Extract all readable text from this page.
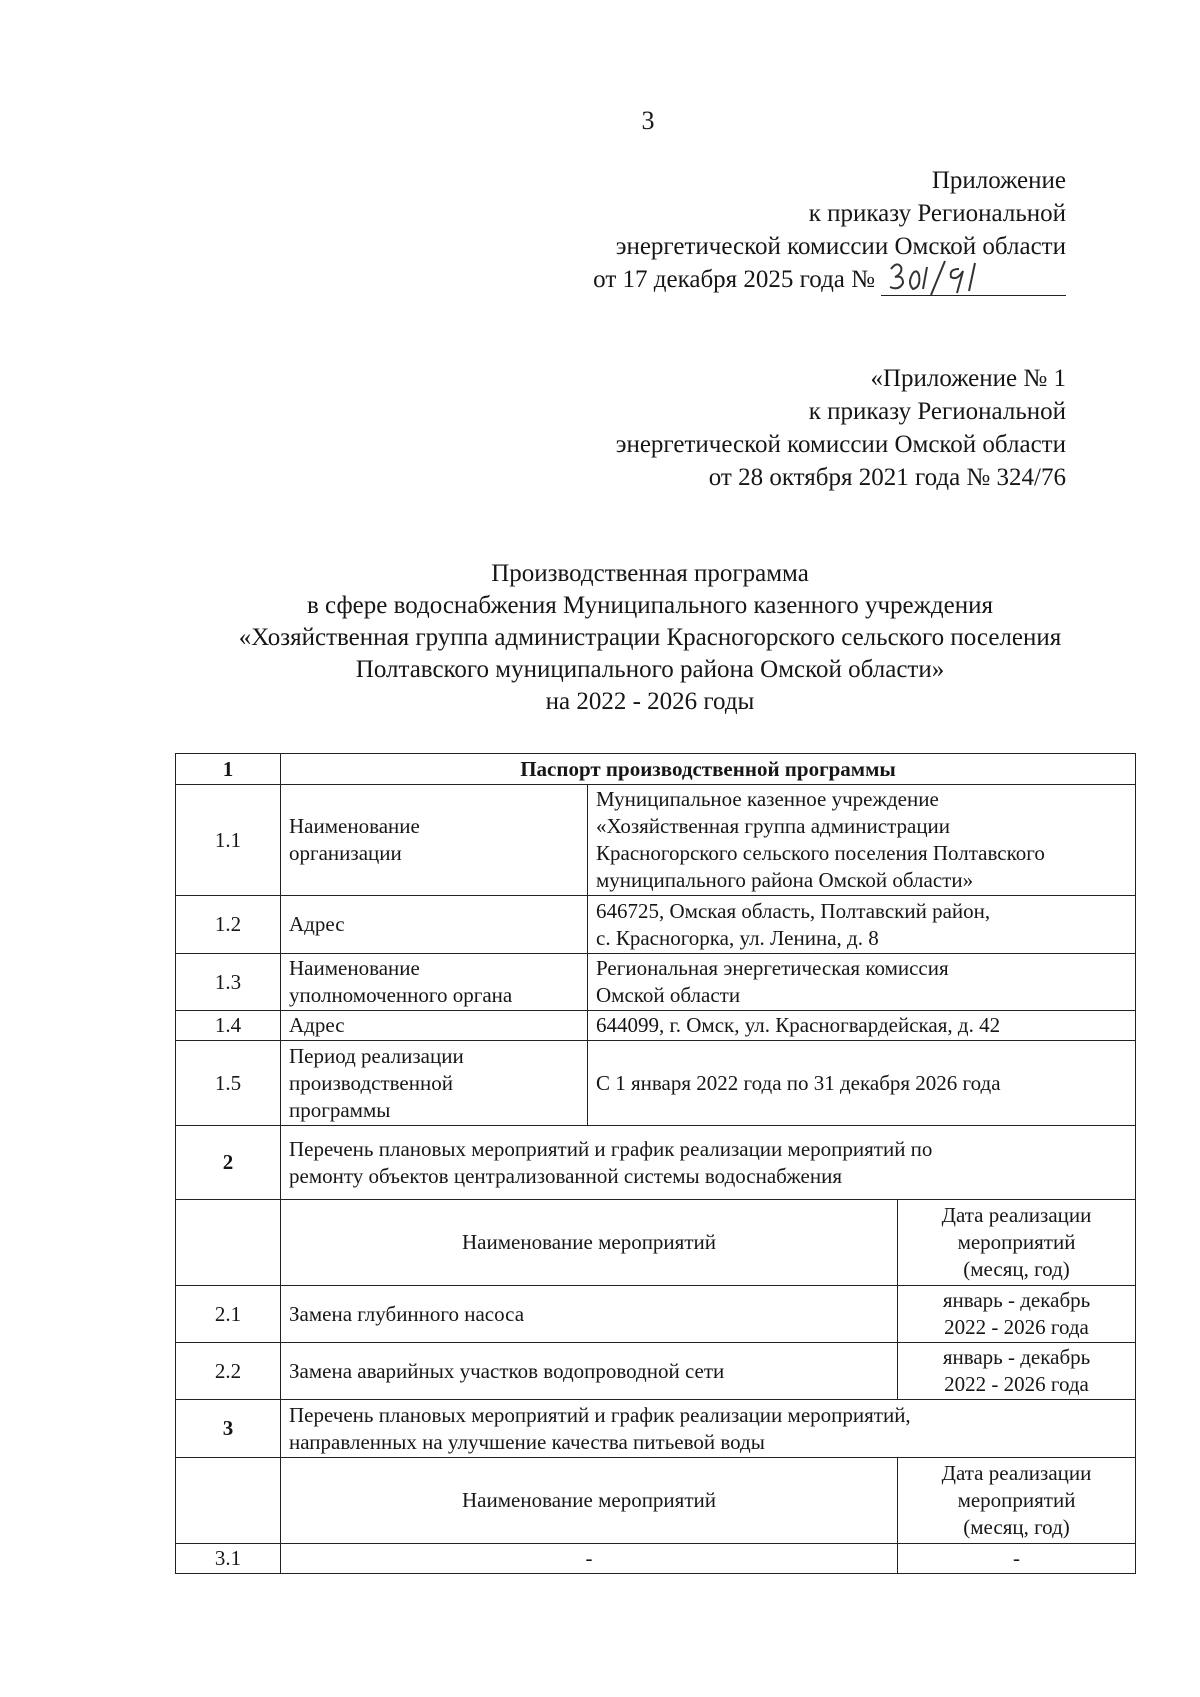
3
Приложение
к приказу Региональной
энергетической комиссии Омской области
от 17 декабря 2025 года №
«Приложение № 1
к приказу Региональной
энергетической комиссии Омской области
от 28 октября 2021 года № 324/76
Производственная программа
в сфере водоснабжения Муниципального казенного учреждения
«Хозяйственная группа администрации Красногорского сельского поселения
Полтавского муниципального района Омской области»
на 2022 - 2026 годы
1	Паспорт производственной программы		
1.1	Наименование
организации	Муниципальное казенное учреждение
«Хозяйственная группа администрации
Красногорского сельского поселения Полтавского
муниципального района Омской области»	

1.2	Адрес	646725, Омская область, Полтавский район,
с. Красногорка, ул. Ленина, д. 8	

1.3	Наименование
уполномоченного органа	Региональная энергетическая комиссия
Омской области	

1.4	Адрес	644099, г. Омск, ул. Красногвардейская, д. 42	
1.5	Период реализации
производственной
программы	С 1 января 2022 года по 31 декабря 2026 года	
2	Перечень плановых мероприятий и график реализации мероприятий по
ремонту объектов централизованной системы водоснабжения		

	Наименование мероприятий		Дата реализации
мероприятий
(месяц, год)

2.1	Замена глубинного насоса		январь - декабрь
2022 - 2026 года

2.2	Замена аварийных участков водопроводной сети		январь - декабрь
2022 - 2026 года

3	Перечень плановых мероприятий и график реализации мероприятий,
направленных на улучшение качества питьевой воды		

	Наименование мероприятий		Дата реализации
мероприятий
(месяц, год)

3.1	-		-
